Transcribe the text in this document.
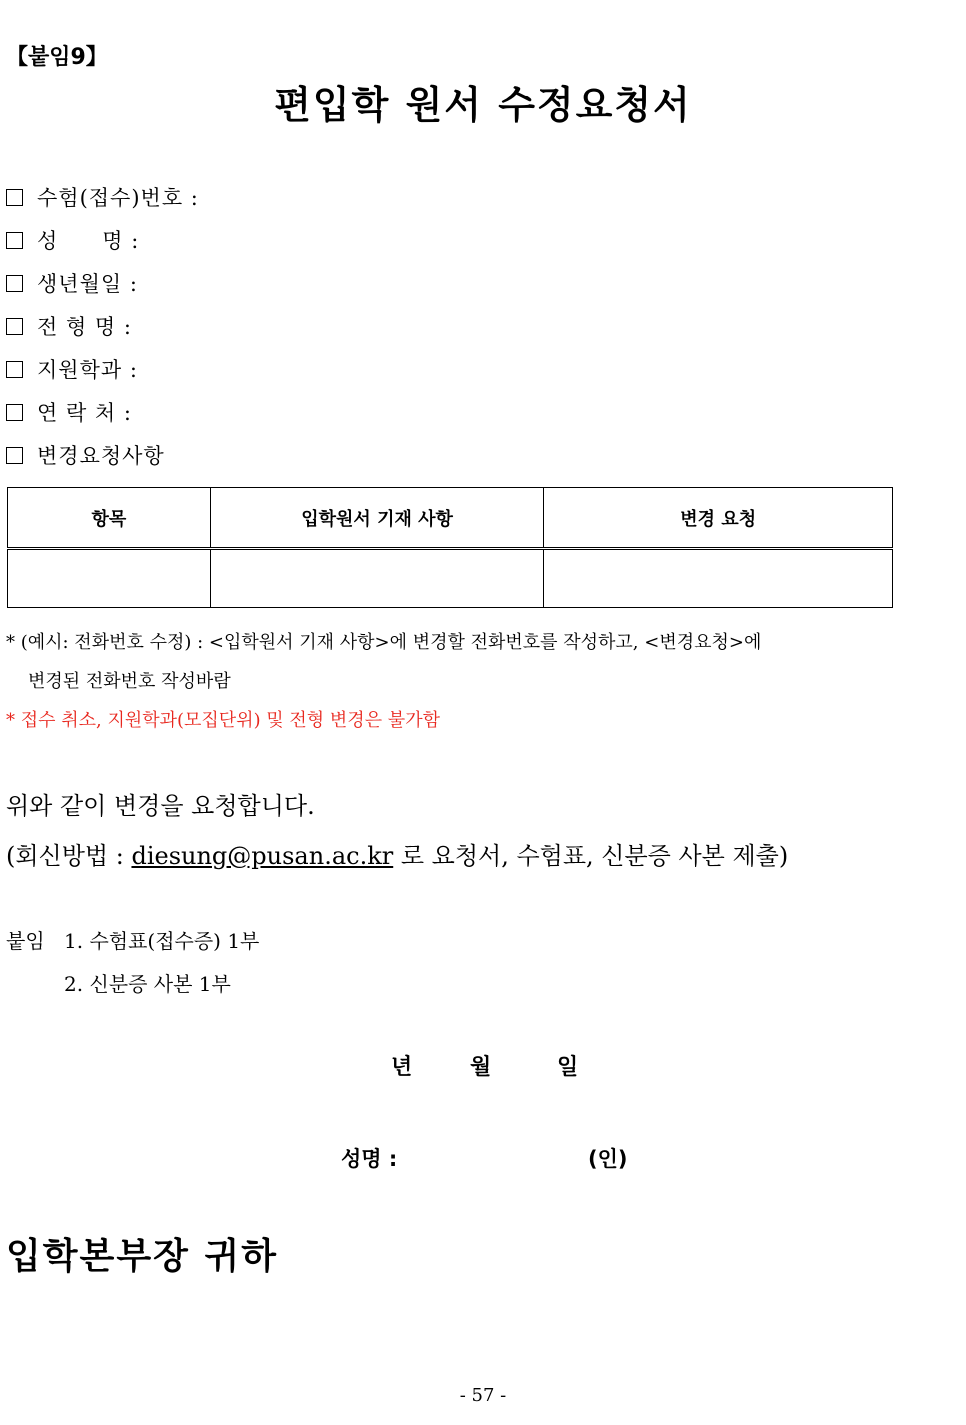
【붙임9】
편입학 원서 수정요청서
수험(접수)번호 :
성　　명 :
생년월일 :
전 형 명 :
지원학과 :
연 락 처 :
변경요청사항
항목	입학원서 기재 사항	변경 요청

* (예시: 전화번호 수정) : <입학원서 기재 사항>에 변경할 전화번호를 작성하고, <변경요청>에
변경된 전화번호 작성바람
* 접수 취소, 지원학과(모집단위) 및 전형 변경은 불가함
위와 같이 변경을 요청합니다.
(회신방법 : diesung@pusan.ac.kr 로 요청서, 수험표, 신분증 사본 제출)
붙임 1. 수험표(접수증) 1부
2. 신분증 사본 1부
년	월	일
성명 :	(인)
입학본부장 귀하
- 57 -
